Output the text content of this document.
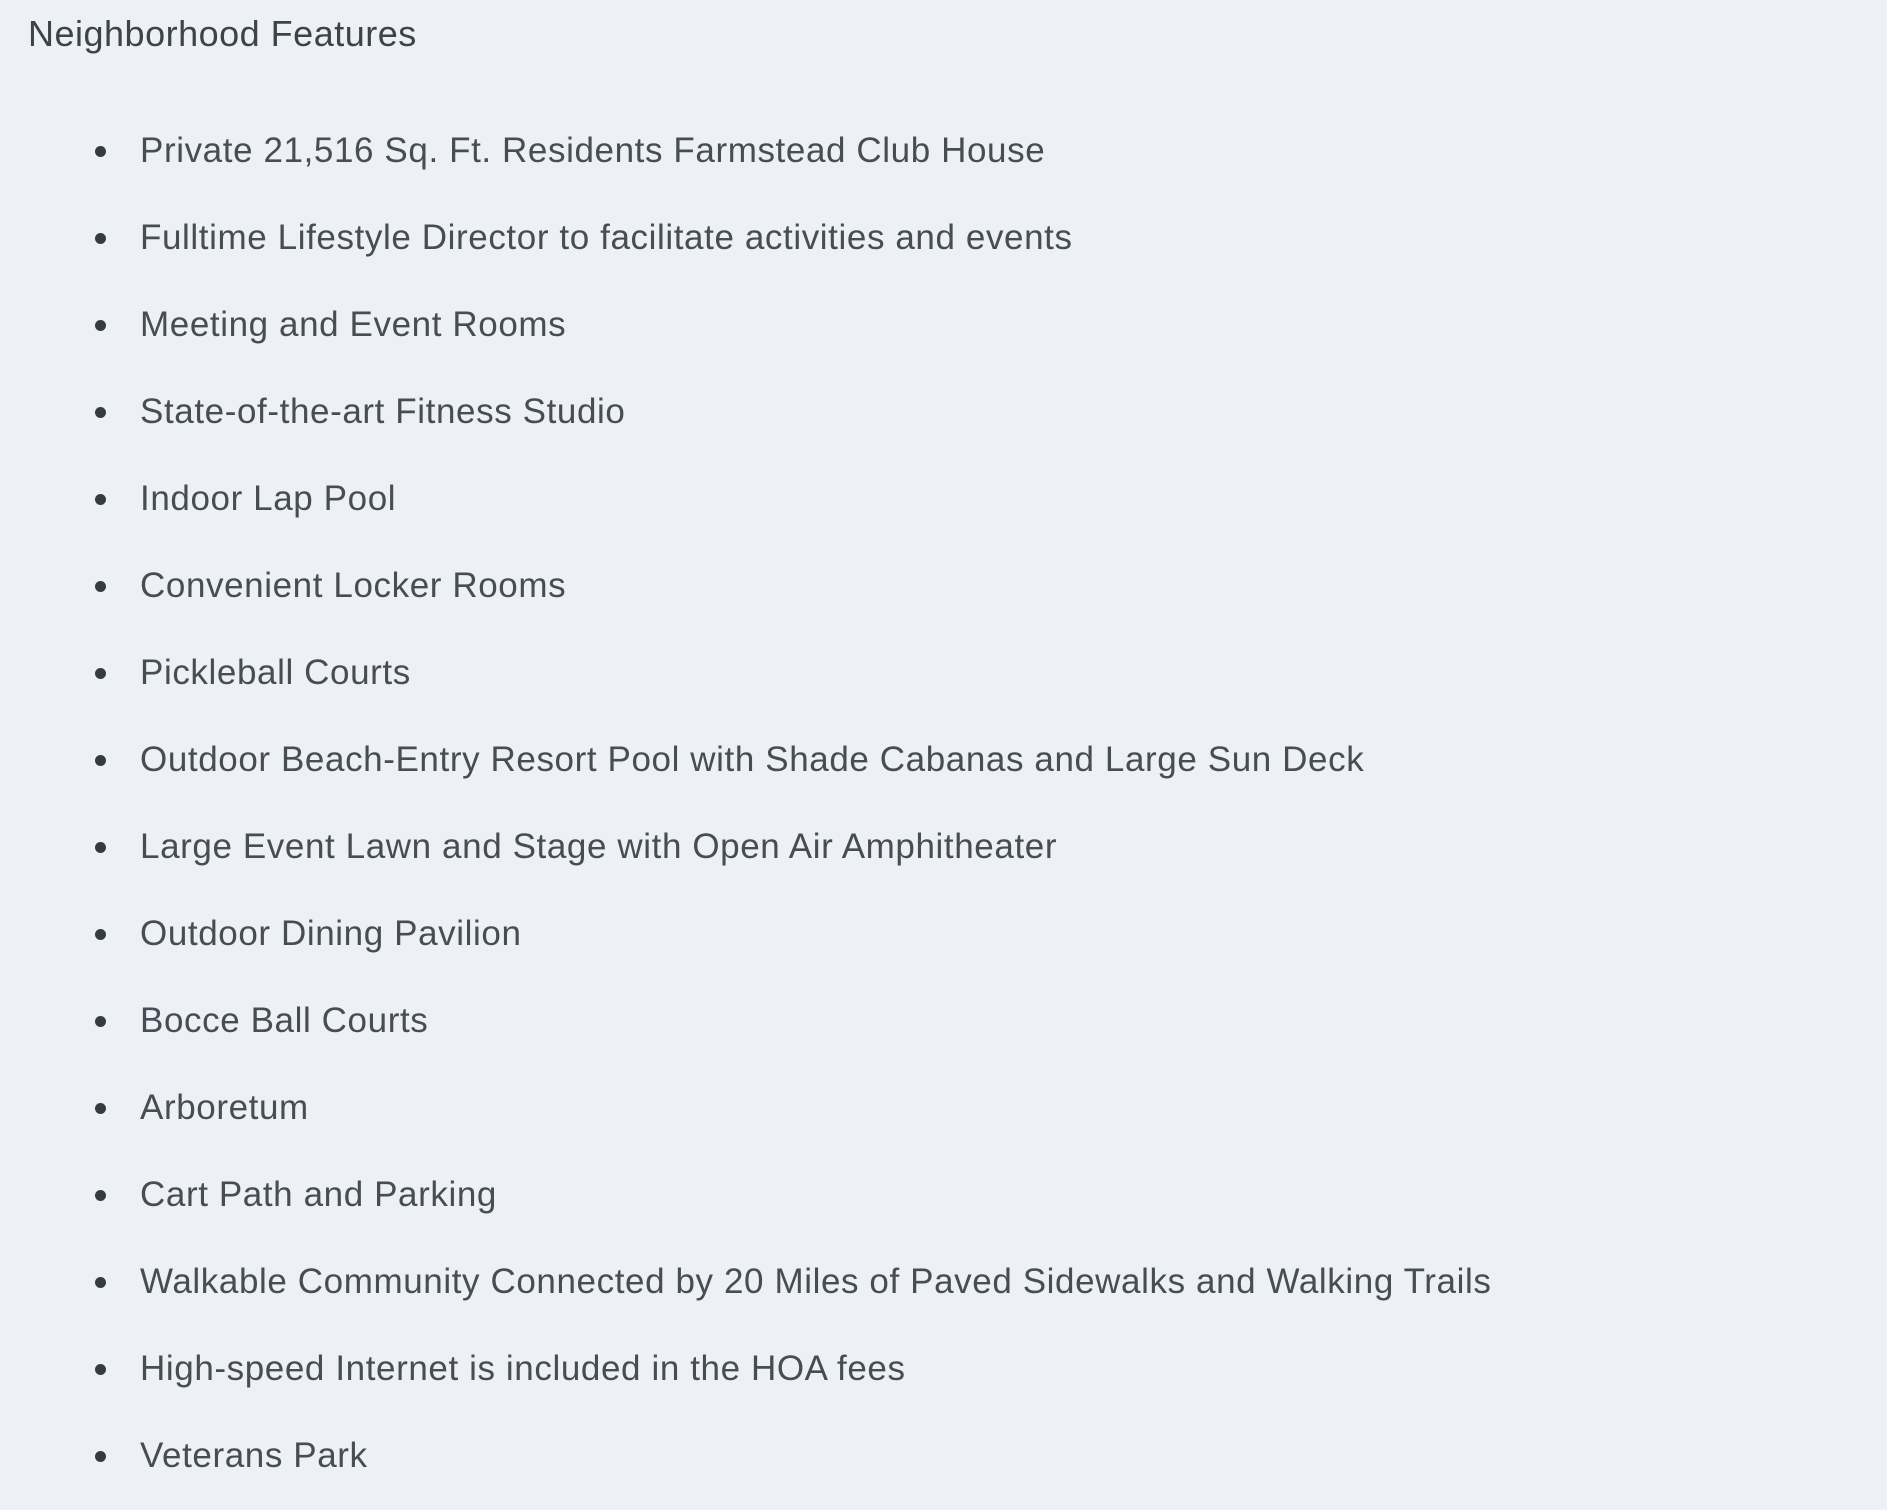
Neighborhood Features
Private 21,516 Sq. Ft. Residents Farmstead Club House
Fulltime Lifestyle Director to facilitate activities and events
Meeting and Event Rooms
State-of-the-art Fitness Studio
Indoor Lap Pool
Convenient Locker Rooms
Pickleball Courts
Outdoor Beach-Entry Resort Pool with Shade Cabanas and Large Sun Deck
Large Event Lawn and Stage with Open Air Amphitheater
Outdoor Dining Pavilion
Bocce Ball Courts
Arboretum
Cart Path and Parking
Walkable Community Connected by 20 Miles of Paved Sidewalks and Walking Trails
High-speed Internet is included in the HOA fees
Veterans Park
